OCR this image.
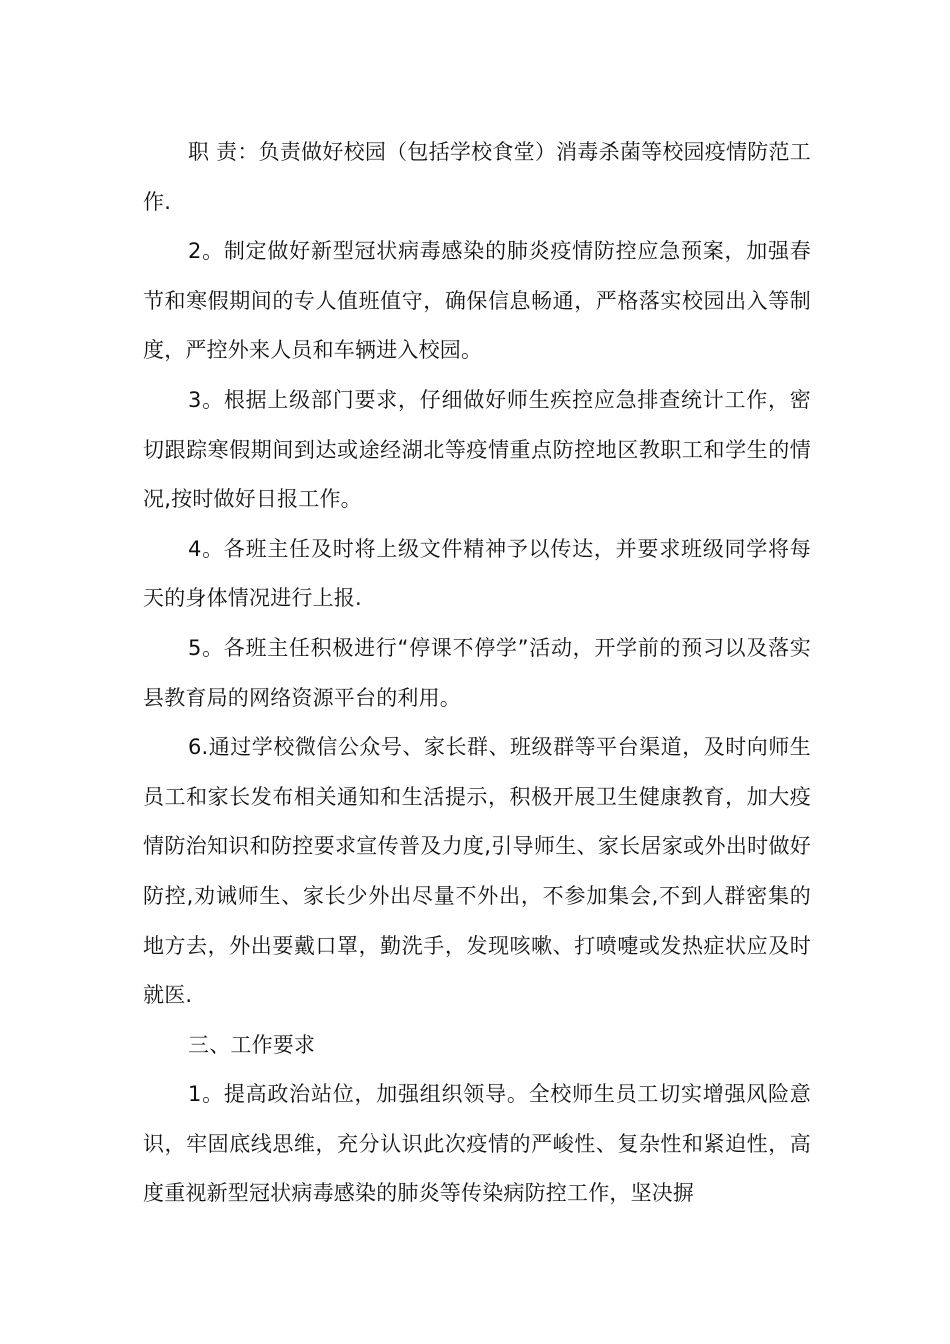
职 责：负责做好校园（包括学校食堂）消毒杀菌等校园疫情防范工作.

2。制定做好新型冠状病毒感染的肺炎疫情防控应急预案，加强春节和寒假期间的专人值班值守，确保信息畅通，严格落实校园出入等制度，严控外来人员和车辆进入校园。

3。根据上级部门要求，仔细做好师生疾控应急排查统计工作，密切跟踪寒假期间到达或途经湖北等疫情重点防控地区教职工和学生的情况,按时做好日报工作。

4。各班主任及时将上级文件精神予以传达，并要求班级同学将每天的身体情况进行上报.

5。各班主任积极进行“停课不停学”活动，开学前的预习以及落实县教育局的网络资源平台的利用。

6.通过学校微信公众号、家长群、班级群等平台渠道，及时向师生员工和家长发布相关通知和生活提示，积极开展卫生健康教育，加大疫情防治知识和防控要求宣传普及力度,引导师生、家长居家或外出时做好防控,劝诫师生、家长少外出尽量不外出，不参加集会,不到人群密集的地方去，外出要戴口罩，勤洗手，发现咳嗽、打喷嚏或发热症状应及时就医.

三、工作要求

1。提高政治站位，加强组织领导。全校师生员工切实增强风险意识，牢固底线思维，充分认识此次疫情的严峻性、复杂性和紧迫性，高度重视新型冠状病毒感染的肺炎等传染病防控工作，坚决摒
